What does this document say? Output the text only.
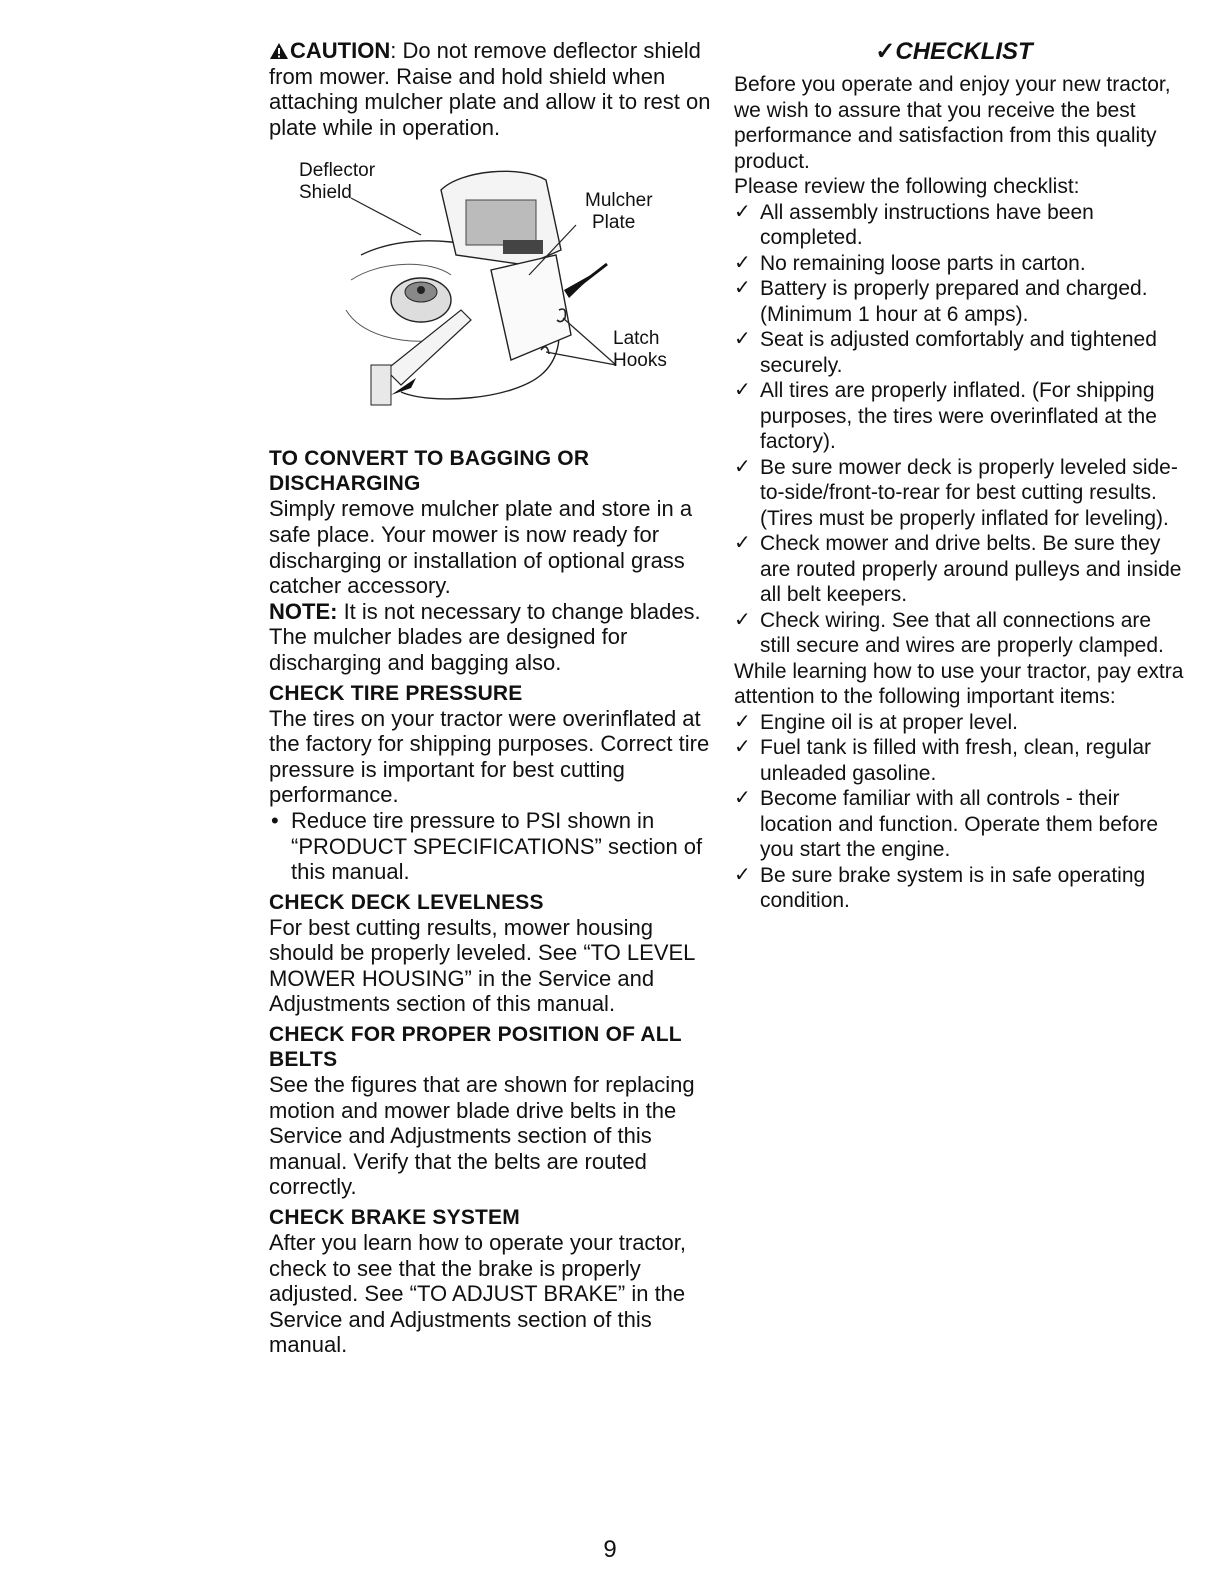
CAUTION: Do not remove deflector shield from mower. Raise and hold shield when attaching mulcher plate and allow it to rest on plate while in operation.

Deflector
Shield	Mulcher
Plate
Latch
Hooks
TO CONVERT TO BAGGING OR DISCHARGING

Simply remove mulcher plate and store in a safe place. Your mower is now ready for discharging or installation of optional grass catcher accessory.

NOTE: It is not necessary to change blades. The mulcher blades are designed for discharging and bagging also.

CHECK TIRE PRESSURE

The tires on your tractor were overinflated at the factory for shipping purposes. Correct tire pressure is important for best cutting performance.

• Reduce tire pressure to PSI shown in “PRODUCT SPECIFICATIONS” section of this manual.
CHECK DECK LEVELNESS

For best cutting results, mower housing should be properly leveled. See “TO LEVEL MOWER HOUSING” in the Service and Adjustments section of this manual.

CHECK FOR PROPER POSITION OF ALL BELTS

See the figures that are shown for replacing motion and mower blade drive belts in the Service and Adjustments section of this manual. Verify that the belts are routed correctly.

CHECK BRAKE SYSTEM

After you learn how to operate your tractor, check to see that the brake is properly adjusted. See “TO ADJUST BRAKE” in the Service and Adjustments section of this manual.

✓CHECKLIST

Before you operate and enjoy your new tractor, we wish to assure that you receive the best performance and satisfaction from this quality product.

Please review the following checklist:

✓ All assembly instructions have been completed.
✓ No remaining loose parts in carton.
✓ Battery is properly prepared and charged.(Minimum 1 hour at 6 amps).
✓ Seat is adjusted comfortably and tightened securely.
✓ All tires are properly inflated. (For shipping purposes, the tires were overinflated at the factory).
✓ Be sure mower deck is properly leveled side-to-side/front-to-rear for best cutting results. (Tires must be properly inflated for leveling).
✓ Check mower and drive belts. Be sure they are routed properly around pulleys and inside all belt keepers.
✓ Check wiring. See that all connections are still secure and wires are properly clamped.

While learning how to use your tractor, pay extra attention to the following important items:

✓ Engine oil is at proper level.
✓ Fuel tank is filled with fresh, clean, regular unleaded gasoline.
✓ Become familiar with all controls - their location and function. Operate them before you start the engine.
✓ Be sure brake system is in safe operating condition.
9
